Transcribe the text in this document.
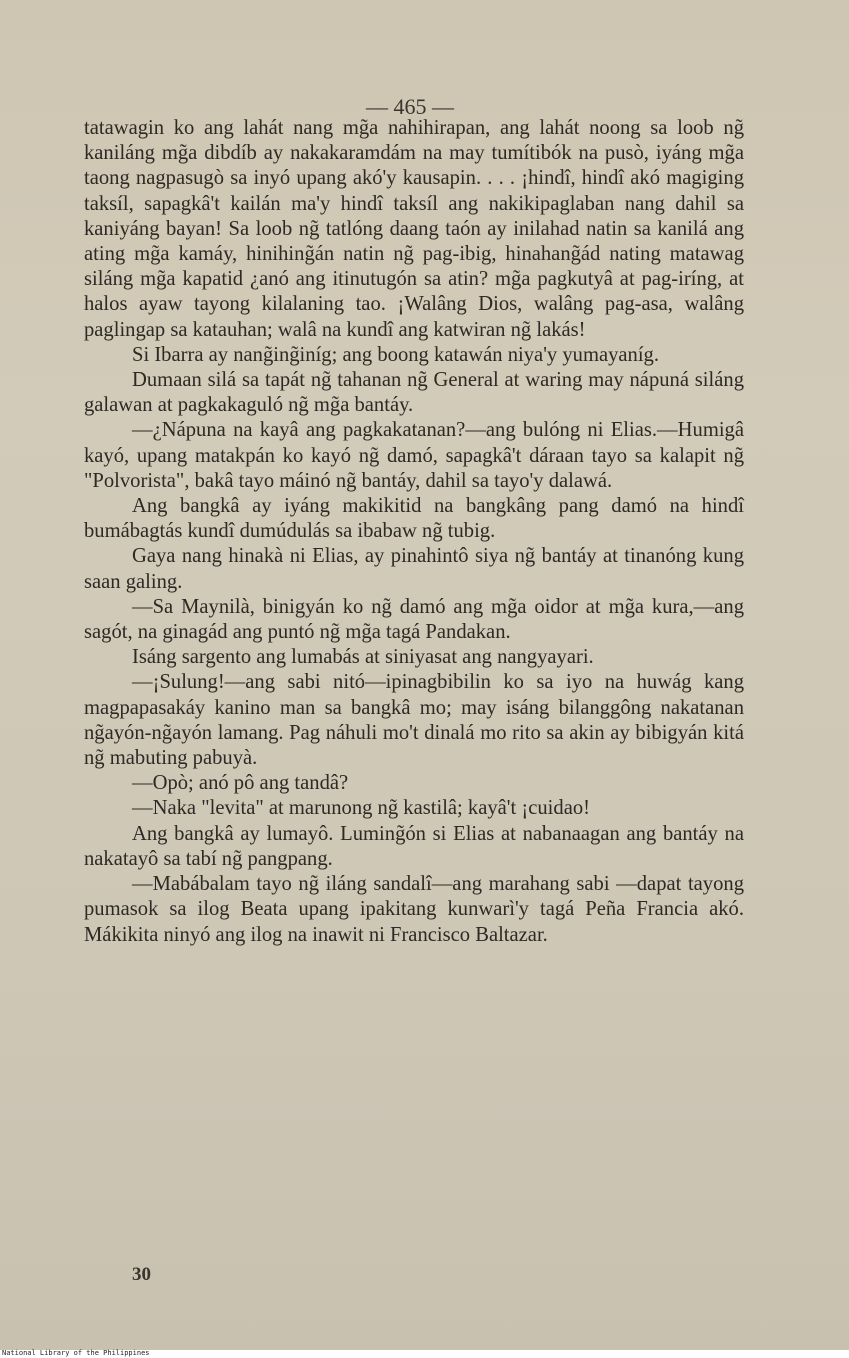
— 465 —

tatawagin ko ang lahát nang mg̃a nahihirapan, ang lahát noong sa loob ng̃ kaniláng mg̃a dibdíb ay nakakaramdám na may tumítibók na pusò, iyáng mg̃a taong nagpasugò sa inyó upang akó'y kausapin. . . . ¡hindî, hindî akó magiging taksíl, sapagkâ't kailán ma'y hindî taksíl ang nakikipaglaban nang dahil sa kaniyáng bayan! Sa loob ng̃ tatlóng daang taón ay inilahad natin sa kanilá ang ating mg̃a kamáy, hinihing̃án natin ng̃ pag-ibig, hinahang̃ád nating matawag siláng mg̃a kapatid ¿anó ang itinutugón sa atin? mg̃a pagkutyâ at pag-iríng, at halos ayaw tayong kilalaning tao. ¡Walâng Dios, walâng pag-asa, walâng paglingap sa katauhan; walâ na kundî ang katwiran ng̃ lakás!

Si Ibarra ay nang̃ing̃iníg; ang boong katawán niya'y yumayaníg.

Dumaan silá sa tapát ng̃ tahanan ng̃ General at waring may nápuná siláng galawan at pagkakaguló ng̃ mg̃a bantáy.

—¿Nápuna na kayâ ang pagkakatanan?—ang bulóng ni Elias.—Humigâ kayó, upang matakpán ko kayó ng̃ damó, sapagkâ't dáraan tayo sa kalapit ng̃ "Polvorista", bakâ tayo máinó ng̃ bantáy, dahil sa tayo'y dalawá.

Ang bangkâ ay iyáng makikitid na bangkâng pang damó na hindî bumábagtás kundî dumúdulás sa ibabaw ng̃ tubig.

Gaya nang hinakà ni Elias, ay pinahintô siya ng̃ bantáy at tinanóng kung saan galing.

—Sa Maynilà, binigyán ko ng̃ damó ang mg̃a oidor at mg̃a kura,—ang sagót, na ginagád ang puntó ng̃ mg̃a tagá Pandakan.

Isáng sargento ang lumabás at siniyasat ang nangyayari.

—¡Sulung!—ang sabi nitó—ipinagbibilin ko sa iyo na huwág kang magpapasakáy kanino man sa bangkâ mo; may isáng bilanggông nakatanan ng̃ayón-ng̃ayón lamang. Pag náhuli mo't dinalá mo rito sa akin ay bibigyán kitá ng̃ mabuting pabuyà.

—Opò; anó pô ang tandâ?

—Naka "levita" at marunong ng̃ kastilâ; kayâ't ¡cuidao!

Ang bangkâ ay lumayô. Luming̃ón si Elias at nabanaagan ang bantáy na nakatayô sa tabí ng̃ pangpang.

—Mabábalam tayo ng̃ iláng sandalî—ang marahang sabi —dapat tayong pumasok sa ilog Beata upang ipakitang kunwarì'y tagá Peña Francia akó. Mákikita ninyó ang ilog na inawit ni Francisco Baltazar.

30
National Library of the Philippines
